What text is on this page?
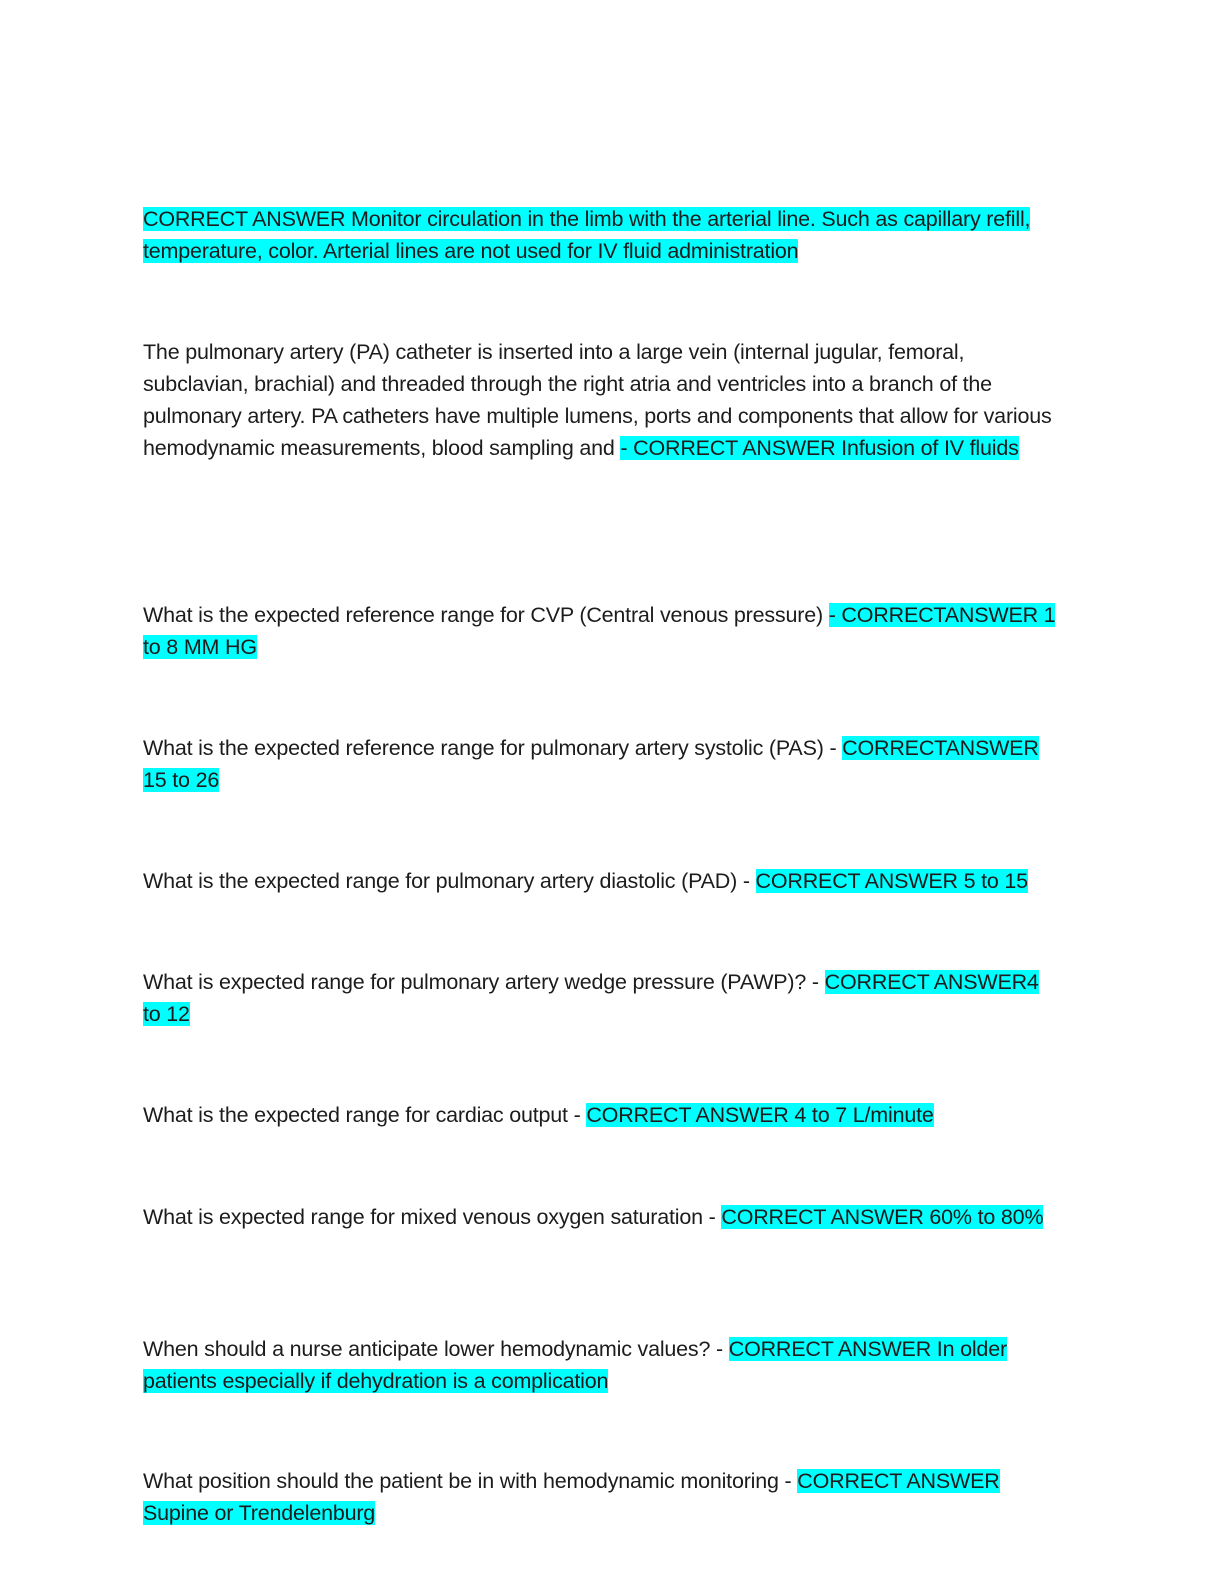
CORRECT ANSWER Monitor circulation in the limb with the arterial line. Such as capillary refill, temperature, color. Arterial lines are not used for IV fluid administration
The pulmonary artery (PA) catheter is inserted into a large vein (internal jugular, femoral, subclavian, brachial) and threaded through the right atria and ventricles into a branch of the pulmonary artery. PA catheters have multiple lumens, ports and components that allow for various hemodynamic measurements, blood sampling and - CORRECT ANSWER Infusion of IV fluids
What is the expected reference range for CVP (Central venous pressure) - CORRECTANSWER 1 to 8 MM HG
What is the expected reference range for pulmonary artery systolic (PAS) - CORRECTANSWER 15 to 26
What is the expected range for pulmonary artery diastolic (PAD) - CORRECT ANSWER 5 to 15
What is expected range for pulmonary artery wedge pressure (PAWP)? - CORRECT ANSWER4 to 12
What is the expected range for cardiac output - CORRECT ANSWER 4 to 7 L/minute
What is expected range for mixed venous oxygen saturation - CORRECT ANSWER 60% to 80%
When should a nurse anticipate lower hemodynamic values? - CORRECT ANSWER In older patients especially if dehydration is a complication
What position should the patient be in with hemodynamic monitoring - CORRECT ANSWER Supine or Trendelenburg
